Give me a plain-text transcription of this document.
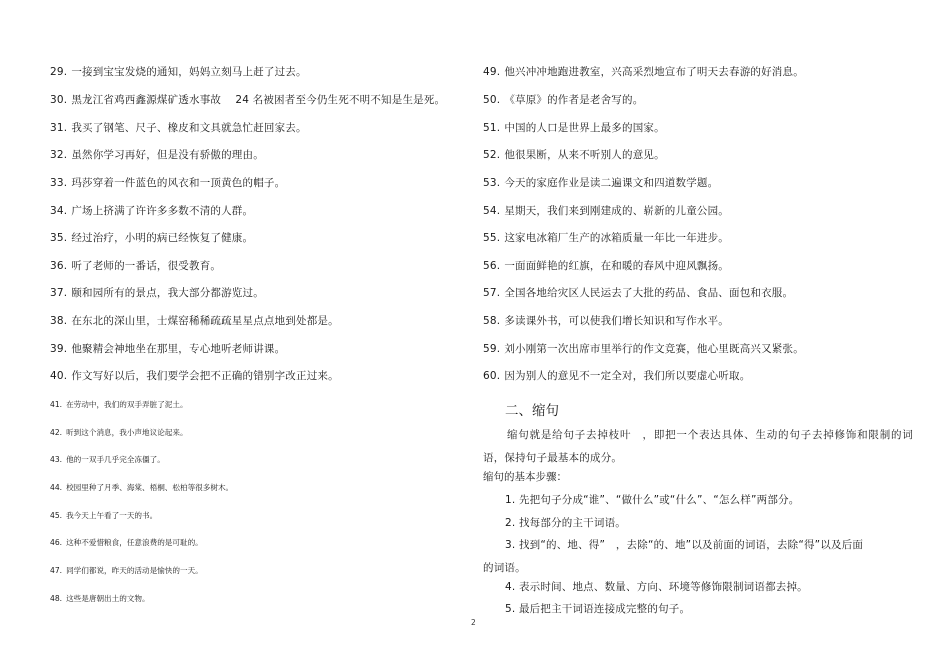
29. 一接到宝宝发烧的通知，妈妈立刻马上赶了过去。
30. 黑龙江省鸡西鑫源煤矿透水事故　 24 名被困者至今仍生死不明不知是生是死。
31. 我买了钢笔、尺子、橡皮和文具就急忙赶回家去。
32. 虽然你学习再好，但是没有骄傲的理由。
33. 玛莎穿着一件蓝色的风衣和一顶黄色的帽子。
34. 广场上挤满了许许多多数不清的人群。
35. 经过治疗，小明的病已经恢复了健康。
36. 听了老师的一番话，很受教育。
37. 颐和园所有的景点，我大部分都游览过。
38. 在东北的深山里，士煤窑稀稀疏疏星星点点地到处都是。
39. 他聚精会神地坐在那里，专心地听老师讲课。
40. 作文写好以后，我们要学会把不正确的错别字改正过来。
41. 在劳动中，我们的双手弄脏了泥土。
42. 听到这个消息，我小声地议论起来。
43. 他的一双手几乎完全冻僵了。
44. 校园里种了月季、海棠、梧桐、松柏等很多树木。
45. 我今天上午看了一天的书。
46. 这种不爱惜粮食，任意浪费的是可耻的。
47. 同学们都说，昨天的活动是愉快的一天。
48. 这些是唐朝出土的文物。
49. 他兴冲冲地跑进教室，兴高采烈地宣布了明天去春游的好消息。
50. 《草原》的作者是老舍写的。
51. 中国的人口是世界上最多的国家。
52. 他很果断，从来不听别人的意见。
53. 今天的家庭作业是读二遍课文和四道数学题。
54. 星期天，我们来到刚建成的、崭新的儿童公园。
55. 这家电冰箱厂生产的冰箱质量一年比一年进步。
56. 一面面鲜艳的红旗，在和暖的春风中迎风飘扬。
57. 全国各地给灾区人民运去了大批的药品、食品、面包和衣服。
58. 多读课外书，可以使我们增长知识和写作水平。
59. 刘小刚第一次出席市里举行的作文竞赛，他心里既高兴又紧张。
60. 因为别人的意见不一定全对，我们所以要虚心听取。
二、缩句
缩句就是给句子去掉枝叶　，即把一个表达具体、生动的句子去掉修饰和限制的词语，保持句子最基本的成分。
缩句的基本步骤：
1. 先把句子分成“谁”、“做什么”或“什么”、“怎么样”两部分。
2. 找每部分的主干词语。
3. 找到“的、地、得”　，去除“的、地”以及前面的词语，去除“得”以及后面
的词语。
4. 表示时间、地点、数量、方向、环境等修饰限制词语都去掉。
5. 最后把主干词语连接成完整的句子。
2
